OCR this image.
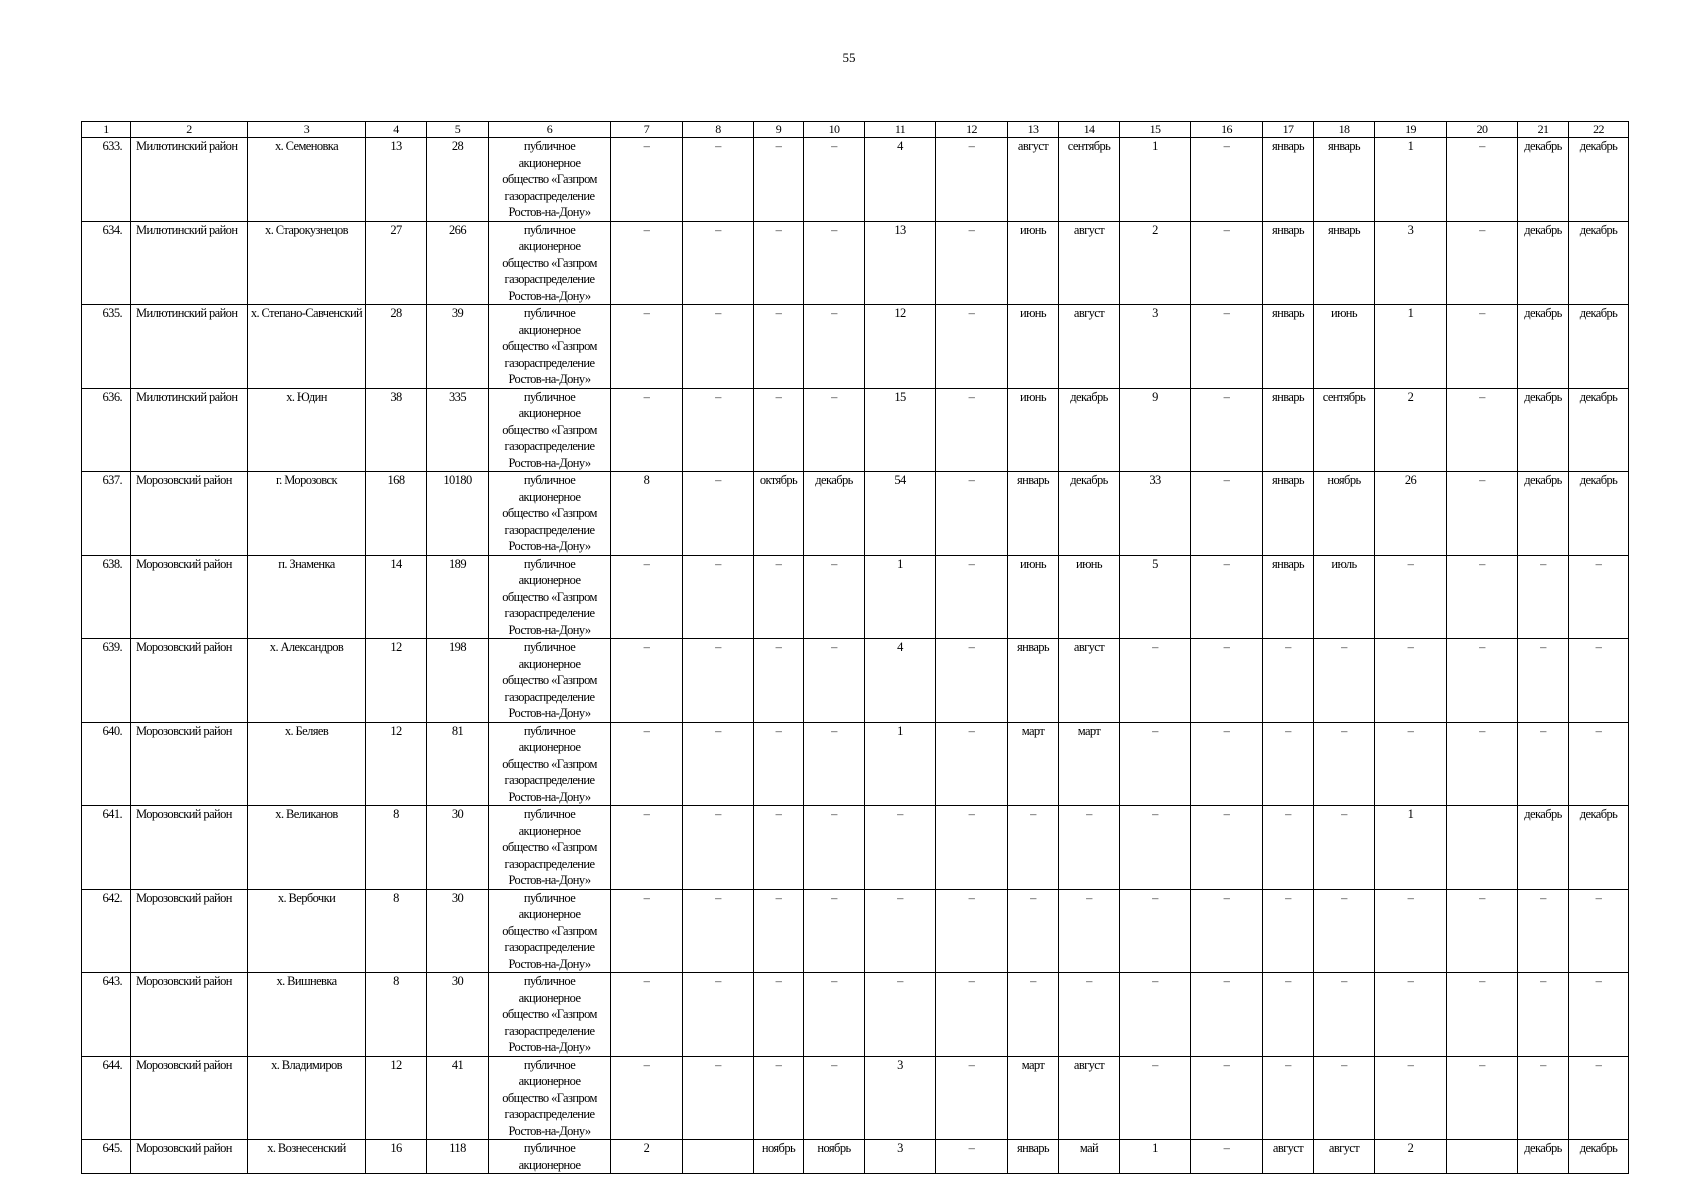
55
1	2	3	4	5	6	7	8	9	10	11	12	13	14	15	16	17	18	19	20	21	22
633.	Милютинский район	х. Семеновка	13	28	публичное
акционерное
общество «Газпром
газораспределение
Ростов-на-Дону»	–	–	–	–	4	–	август	сентябрь	1	–	январь	январь	1	–	декабрь	декабрь
634.	Милютинский район	х. Старокузнецов	27	266	публичное
акционерное
общество «Газпром
газораспределение
Ростов-на-Дону»	–	–	–	–	13	–	июнь	август	2	–	январь	январь	3	–	декабрь	декабрь
635.	Милютинский район	х. Степано-Савченский	28	39	публичное
акционерное
общество «Газпром
газораспределение
Ростов-на-Дону»	–	–	–	–	12	–	июнь	август	3	–	январь	июнь	1	–	декабрь	декабрь
636.	Милютинский район	х. Юдин	38	335	публичное
акционерное
общество «Газпром
газораспределение
Ростов-на-Дону»	–	–	–	–	15	–	июнь	декабрь	9	–	январь	сентябрь	2	–	декабрь	декабрь
637.	Морозовский район	г. Морозовск	168	10180	публичное
акционерное
общество «Газпром
газораспределение
Ростов-на-Дону»	8	–	октябрь	декабрь	54	–	январь	декабрь	33	–	январь	ноябрь	26	–	декабрь	декабрь
638.	Морозовский район	п. Знаменка	14	189	публичное
акционерное
общество «Газпром
газораспределение
Ростов-на-Дону»	–	–	–	–	1	–	июнь	июнь	5	–	январь	июль	–	–	–	–
639.	Морозовский район	х. Александров	12	198	публичное
акционерное
общество «Газпром
газораспределение
Ростов-на-Дону»	–	–	–	–	4	–	январь	август	–	–	–	–	–	–	–	–
640.	Морозовский район	х. Беляев	12	81	публичное
акционерное
общество «Газпром
газораспределение
Ростов-на-Дону»	–	–	–	–	1	–	март	март	–	–	–	–	–	–	–	–
641.	Морозовский район	х. Великанов	8	30	публичное
акционерное
общество «Газпром
газораспределение
Ростов-на-Дону»	–	–	–	–	–	–	–	–	–	–	–	–	1		декабрь	декабрь
642.	Морозовский район	х. Вербочки	8	30	публичное
акционерное
общество «Газпром
газораспределение
Ростов-на-Дону»	–	–	–	–	–	–	–	–	–	–	–	–	–	–	–	–
643.	Морозовский район	х. Вишневка	8	30	публичное
акционерное
общество «Газпром
газораспределение
Ростов-на-Дону»	–	–	–	–	–	–	–	–	–	–	–	–	–	–	–	–
644.	Морозовский район	х. Владимиров	12	41	публичное
акционерное
общество «Газпром
газораспределение
Ростов-на-Дону»	–	–	–	–	3	–	март	август	–	–	–	–	–	–	–	–
645.	Морозовский район	х. Вознесенский	16	118	публичное
акционерное	2		ноябрь	ноябрь	3	–	январь	май	1	–	август	август	2		декабрь	декабрь
